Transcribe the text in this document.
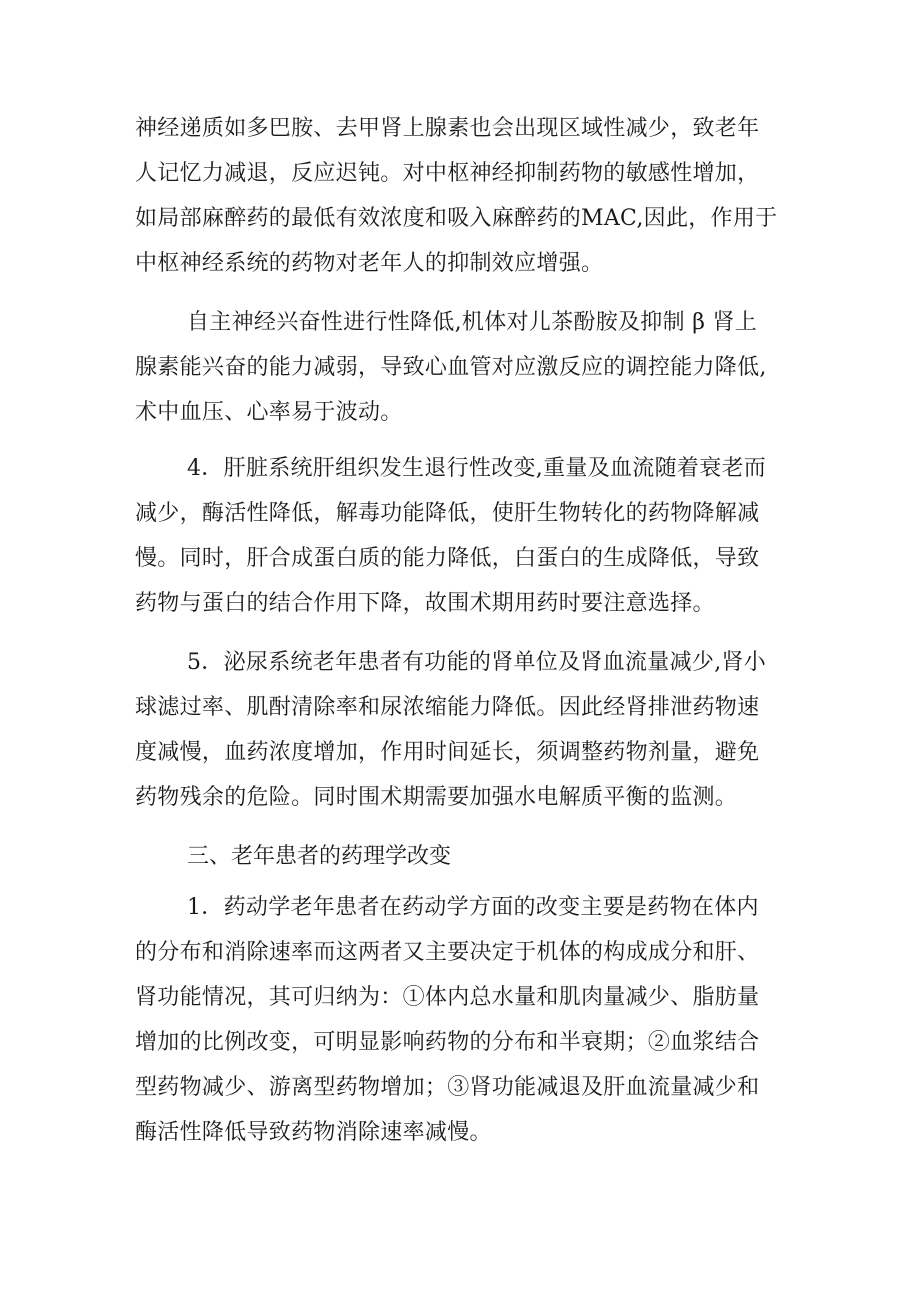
神经递质如多巴胺、去甲肾上腺素也会出现区域性减少，致老年
人记忆力减退，反应迟钝。对中枢神经抑制药物的敏感性增加，
如局部麻醉药的最低有效浓度和吸入麻醉药的MAC,因此，作用于
中枢神经系统的药物对老年人的抑制效应增强。
自主神经兴奋性进行性降低,机体对儿茶酚胺及抑制 β 肾上
腺素能兴奋的能力减弱，导致心血管对应激反应的调控能力降低,
术中血压、心率易于波动。
4．肝脏系统肝组织发生退行性改变,重量及血流随着衰老而
减少，酶活性降低，解毒功能降低，使肝生物转化的药物降解减
慢。同时，肝合成蛋白质的能力降低，白蛋白的生成降低，导致
药物与蛋白的结合作用下降，故围术期用药时要注意选择。
5．泌尿系统老年患者有功能的肾单位及肾血流量减少,肾小
球滤过率、肌酎清除率和尿浓缩能力降低。因此经肾排泄药物速
度减慢，血药浓度增加，作用时间延长，须调整药物剂量，避免
药物残余的危险。同时围术期需要加强水电解质平衡的监测。
三、老年患者的药理学改变
1．药动学老年患者在药动学方面的改变主要是药物在体内
的分布和消除速率而这两者又主要决定于机体的构成成分和肝、
肾功能情况，其可归纳为：①体内总水量和肌肉量减少、脂肪量
增加的比例改变，可明显影响药物的分布和半衰期；②血浆结合
型药物减少、游离型药物增加；③肾功能减退及肝血流量减少和
酶活性降低导致药物消除速率减慢。
